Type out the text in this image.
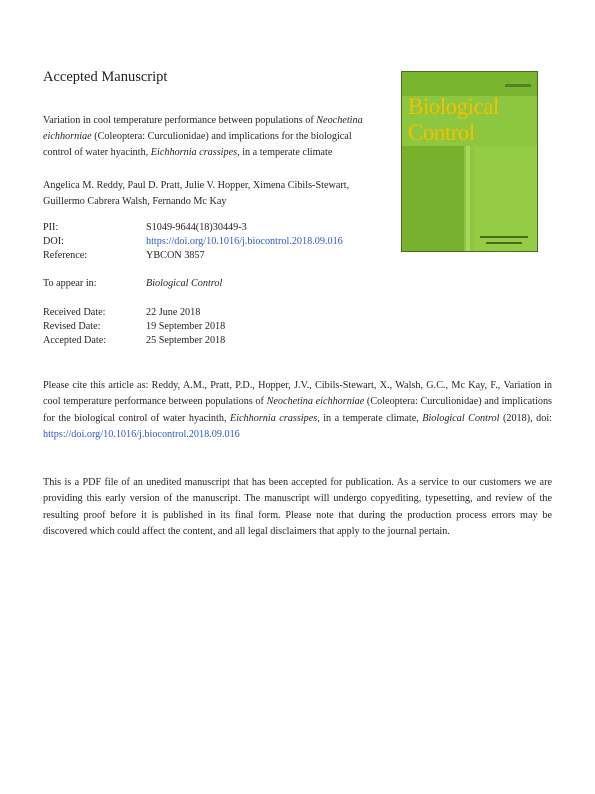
Accepted Manuscript
Variation in cool temperature performance between populations of Neochetina eichhorniae (Coleoptera: Curculionidae) and implications for the biological control of water hyacinth, Eichhornia crassipes, in a temperate climate
Angelica M. Reddy, Paul D. Pratt, Julie V. Hopper, Ximena Cibils-Stewart, Guillermo Cabrera Walsh, Fernando Mc Kay
PII:	S1049-9644(18)30449-3
DOI:	https://doi.org/10.1016/j.biocontrol.2018.09.016
Reference:	YBCON 3857
To appear in:	Biological Control
Received Date:	22 June 2018
Revised Date:	19 September 2018
Accepted Date:	25 September 2018
Please cite this article as: Reddy, A.M., Pratt, P.D., Hopper, J.V., Cibils-Stewart, X., Walsh, G.C., Mc Kay, F., Variation in cool temperature performance between populations of Neochetina eichhorniae (Coleoptera: Curculionidae) and implications for the biological control of water hyacinth, Eichhornia crassipes, in a temperate climate, Biological Control (2018), doi: https://doi.org/10.1016/j.biocontrol.2018.09.016
This is a PDF file of an unedited manuscript that has been accepted for publication. As a service to our customers we are providing this early version of the manuscript. The manuscript will undergo copyediting, typesetting, and review of the resulting proof before it is published in its final form. Please note that during the production process errors may be discovered which could affect the content, and all legal disclaimers that apply to the journal pertain.
Biological
Control
